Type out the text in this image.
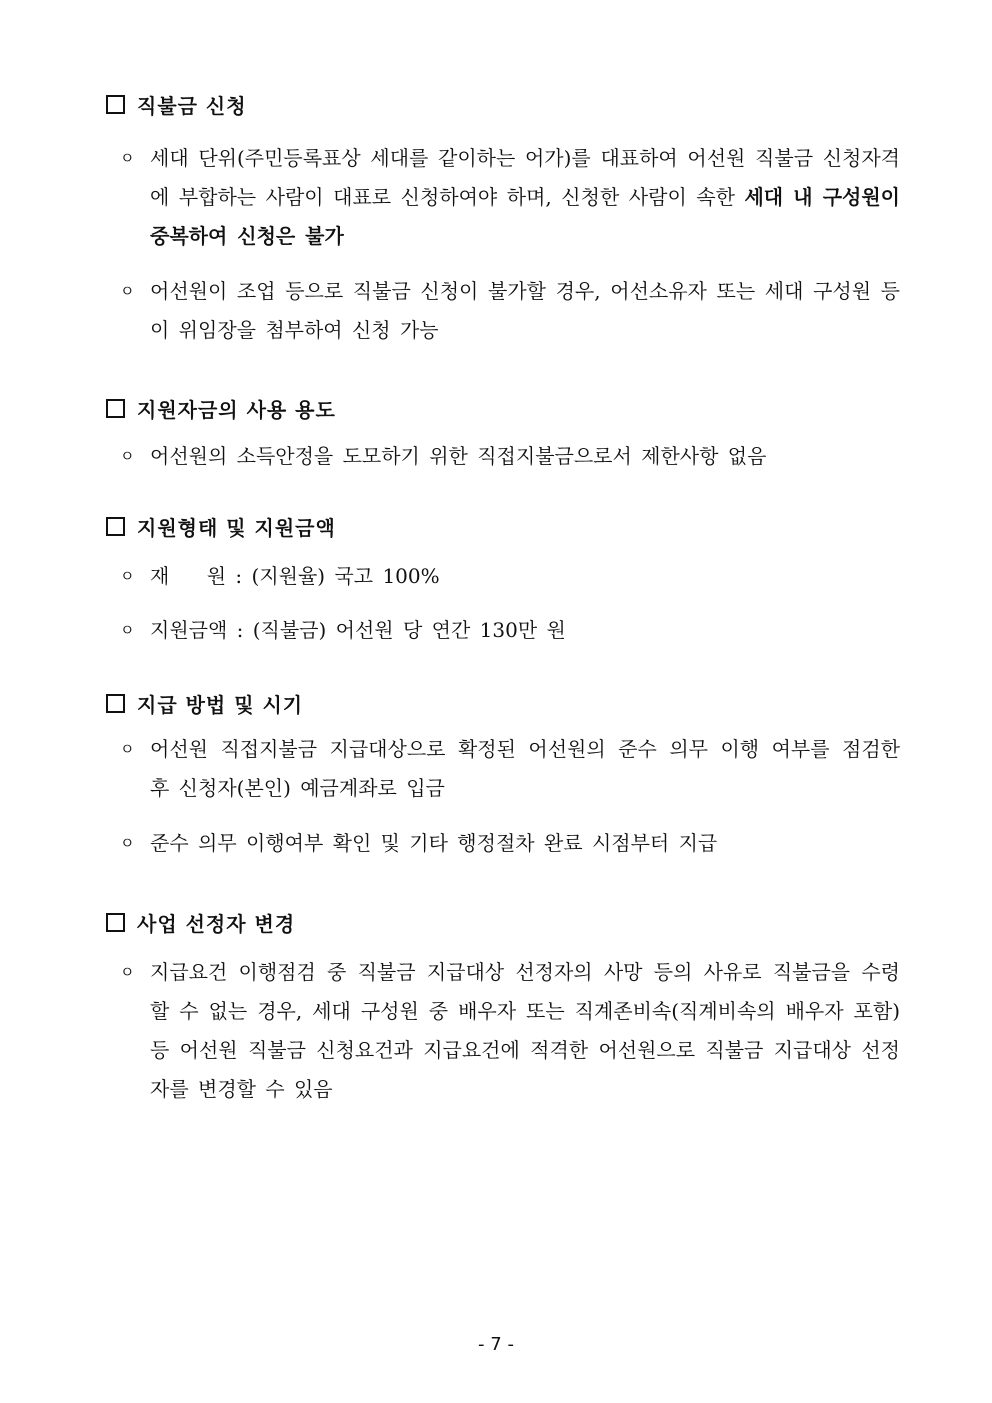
직불금 신청
ㅇ 세대 단위(주민등록표상 세대를 같이하는 어가)를 대표하여 어선원 직불금 신청자격에 부합하는 사람이 대표로 신청하여야 하며, 신청한 사람이 속한 세대 내 구성원이 중복하여 신청은 불가
ㅇ 어선원이 조업 등으로 직불금 신청이 불가할 경우, 어선소유자 또는 세대 구성원 등이 위임장을 첨부하여 신청 가능
지원자금의 사용 용도
ㅇ 어선원의 소득안정을 도모하기 위한 직접지불금으로서 제한사항 없음
지원형태 및 지원금액
ㅇ 재    원 : (지원율) 국고 100%
ㅇ 지원금액 : (직불금) 어선원 당 연간 130만 원
지급 방법 및 시기
ㅇ 어선원 직접지불금 지급대상으로 확정된 어선원의 준수 의무 이행 여부를 점검한 후 신청자(본인) 예금계좌로 입금
ㅇ 준수 의무 이행여부 확인 및 기타 행정절차 완료 시점부터 지급
사업 선정자 변경
ㅇ 지급요건 이행점검 중 직불금 지급대상 선정자의 사망 등의 사유로 직불금을 수령할 수 없는 경우, 세대 구성원 중 배우자 또는 직계존비속(직계비속의 배우자 포함) 등 어선원 직불금 신청요건과 지급요건에 적격한 어선원으로 직불금 지급대상 선정자를 변경할 수 있음
- 7 -
